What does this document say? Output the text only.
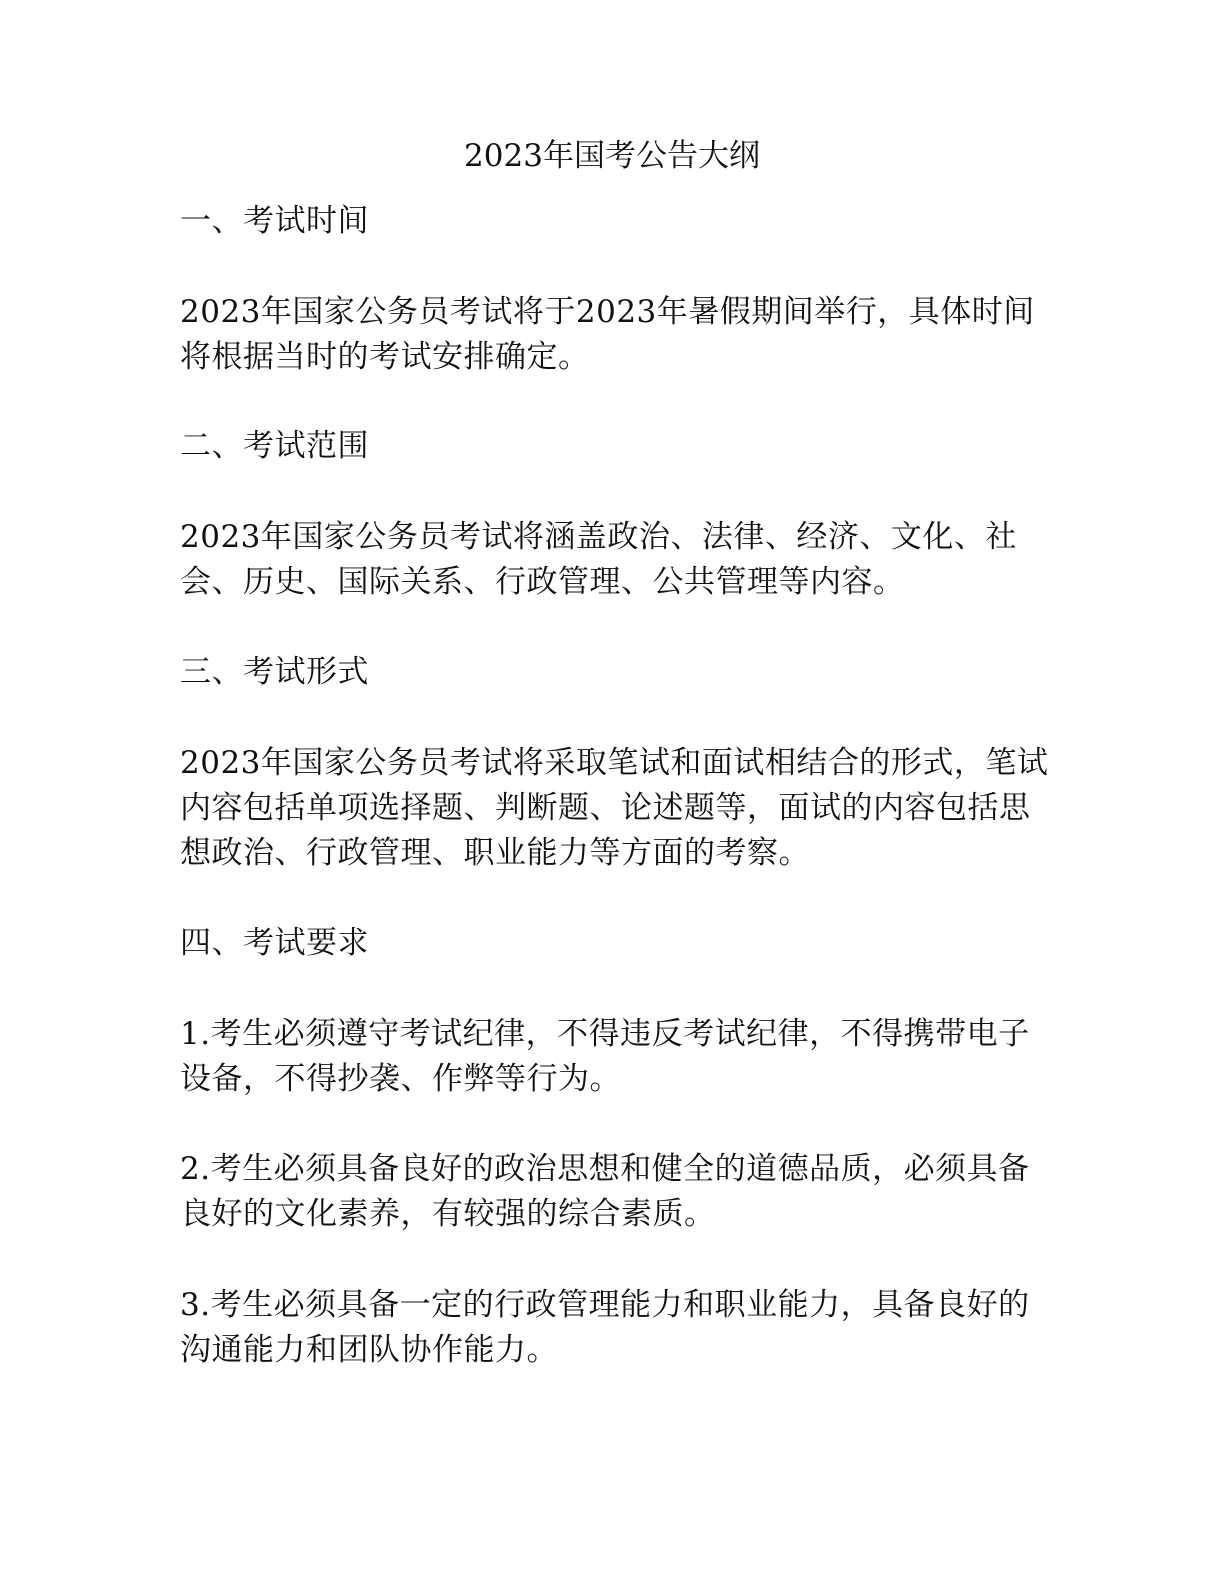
2023年国考公告大纲

一、考试时间

2023年国家公务员考试将于2023年暑假期间举行，具体时间将根据当时的考试安排确定。

二、考试范围

2023年国家公务员考试将涵盖政治、法律、经济、文化、社会、历史、国际关系、行政管理、公共管理等内容。

三、考试形式

2023年国家公务员考试将采取笔试和面试相结合的形式，笔试内容包括单项选择题、判断题、论述题等，面试的内容包括思想政治、行政管理、职业能力等方面的考察。

四、考试要求

1.考生必须遵守考试纪律，不得违反考试纪律，不得携带电子设备，不得抄袭、作弊等行为。

2.考生必须具备良好的政治思想和健全的道德品质，必须具备良好的文化素养，有较强的综合素质。

3.考生必须具备一定的行政管理能力和职业能力，具备良好的沟通能力和团队协作能力。
